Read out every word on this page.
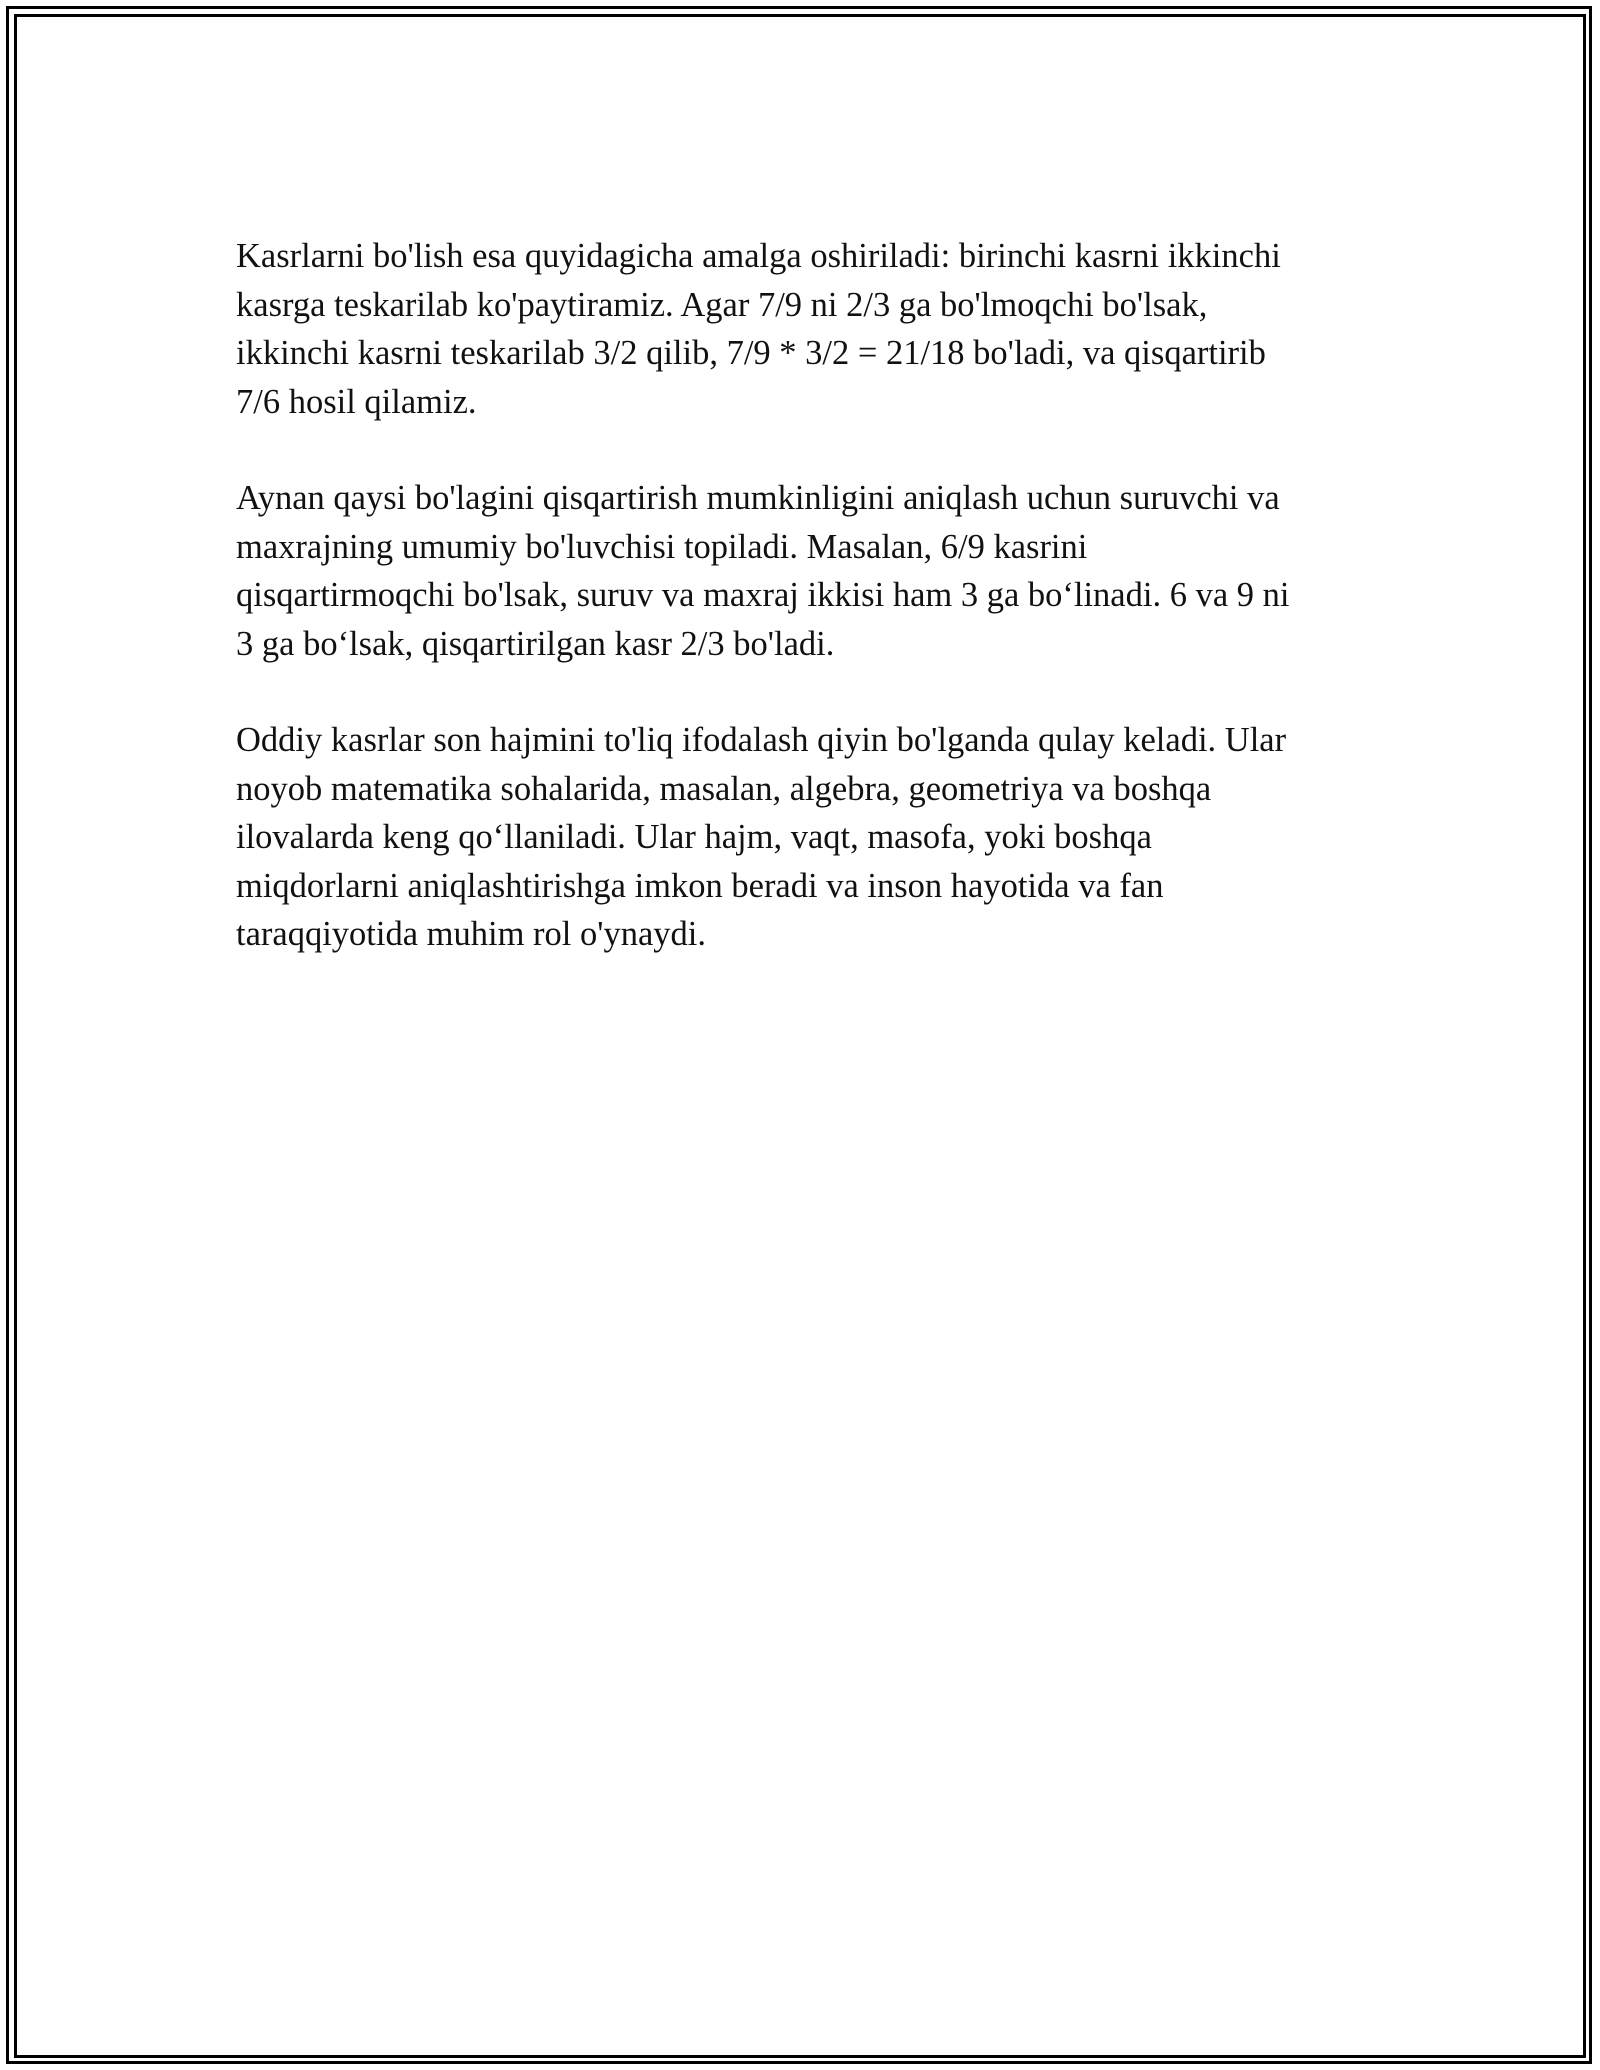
Kasrlarni bo'lish esa quyidagicha amalga oshiriladi: birinchi kasrni ikkinchi
kasrga teskarilab ko'paytiramiz. Agar 7/9 ni 2/3 ga bo'lmoqchi bo'lsak,
ikkinchi kasrni teskarilab 3/2 qilib, 7/9 * 3/2 = 21/18 bo'ladi, va qisqartirib
7/6 hosil qilamiz.

Aynan qaysi bo'lagini qisqartirish mumkinligini aniqlash uchun suruvchi va
maxrajning umumiy bo'luvchisi topiladi. Masalan, 6/9 kasrini
qisqartirmoqchi bo'lsak, suruv va maxraj ikkisi ham 3 ga bo‘linadi. 6 va 9 ni
3 ga bo‘lsak, qisqartirilgan kasr 2/3 bo'ladi.

Oddiy kasrlar son hajmini to'liq ifodalash qiyin bo'lganda qulay keladi. Ular
noyob matematika sohalarida, masalan, algebra, geometriya va boshqa
ilovalarda keng qo‘llaniladi. Ular hajm, vaqt, masofa, yoki boshqa
miqdorlarni aniqlashtirishga imkon beradi va inson hayotida va fan
taraqqiyotida muhim rol o'ynaydi.
